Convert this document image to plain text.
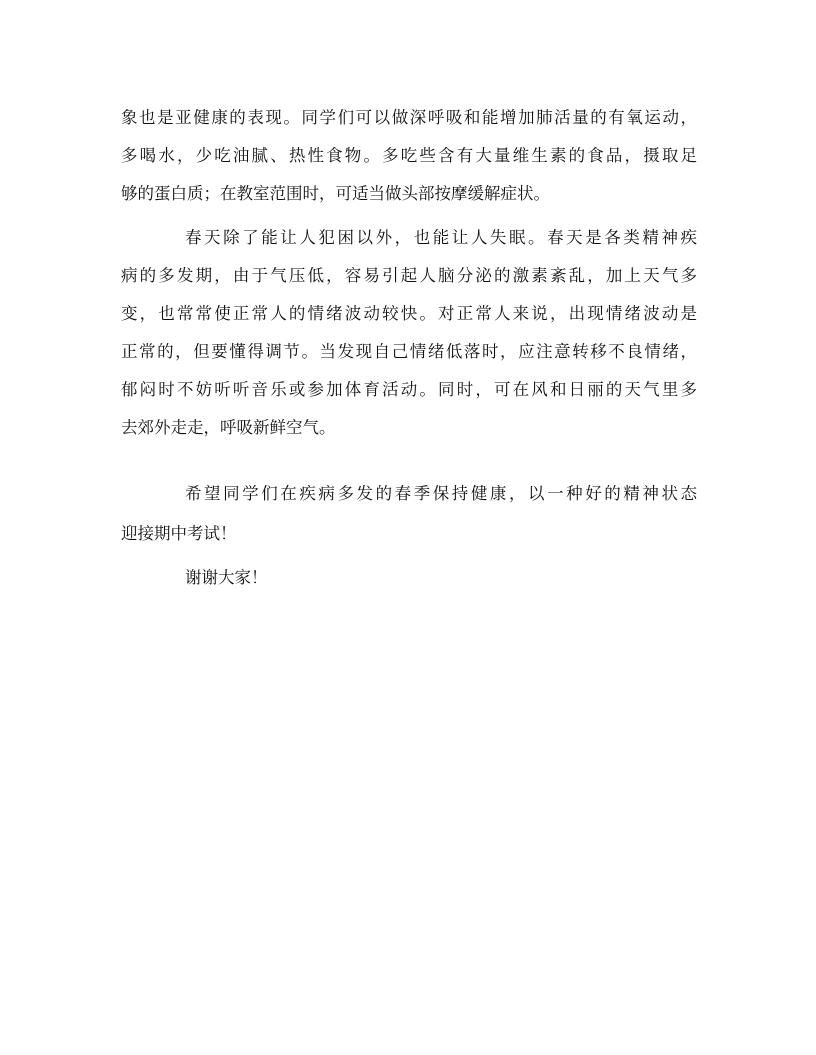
象也是亚健康的表现。同学们可以做深呼吸和能增加肺活量的有氧运动，

多喝水，少吃油腻、热性食物。多吃些含有大量维生素的食品，摄取足

够的蛋白质；在教室范围时，可适当做头部按摩缓解症状。

春天除了能让人犯困以外，也能让人失眠。春天是各类精神疾

病的多发期，由于气压低，容易引起人脑分泌的激素紊乱，加上天气多

变，也常常使正常人的情绪波动较快。对正常人来说，出现情绪波动是

正常的，但要懂得调节。当发现自己情绪低落时，应注意转移不良情绪，

郁闷时不妨听听音乐或参加体育活动。同时，可在风和日丽的天气里多

去郊外走走，呼吸新鲜空气。

希望同学们在疾病多发的春季保持健康，以一种好的精神状态

迎接期中考试！

谢谢大家！
